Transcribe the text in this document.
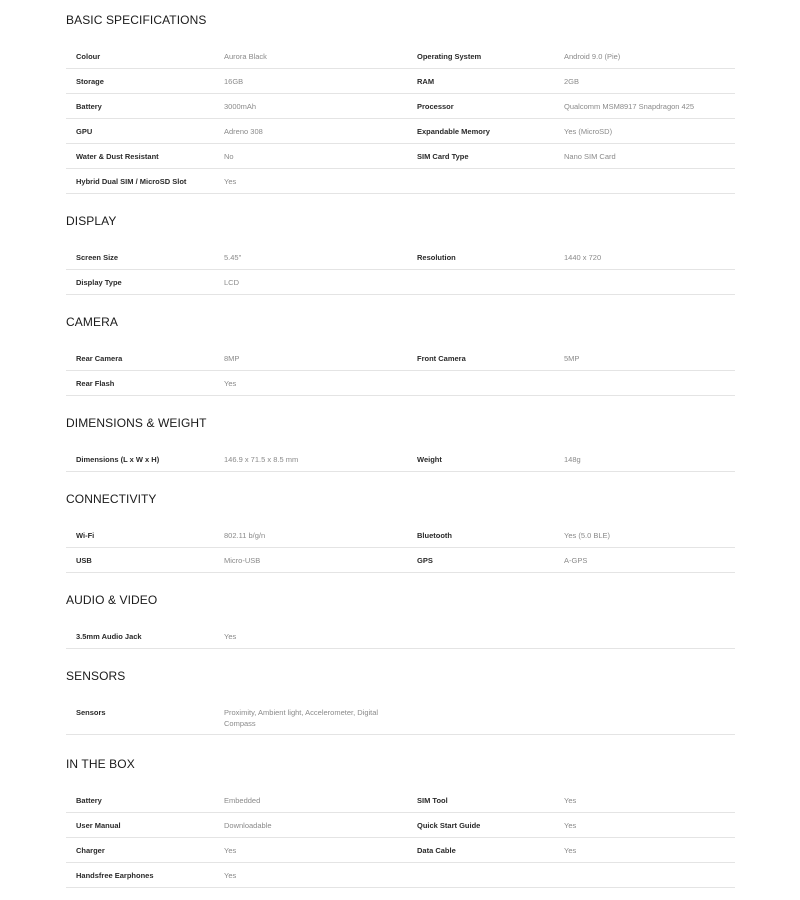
BASIC SPECIFICATIONS
Colour	Aurora Black	Operating System	Android 9.0 (Pie)
Storage	16GB	RAM	2GB
Battery	3000mAh	Processor	Qualcomm MSM8917 Snapdragon 425
GPU	Adreno 308	Expandable Memory	Yes (MicroSD)
Water & Dust Resistant	No	SIM Card Type	Nano SIM Card
Hybrid Dual SIM / MicroSD Slot	Yes
DISPLAY
Screen Size	5.45"	Resolution	1440 x 720
Display Type	LCD
CAMERA
Rear Camera	8MP	Front Camera	5MP
Rear Flash	Yes
DIMENSIONS & WEIGHT
Dimensions (L x W x H)	146.9 x 71.5 x 8.5 mm	Weight	148g
CONNECTIVITY
Wi-Fi	802.11 b/g/n	Bluetooth	Yes (5.0 BLE)
USB	Micro-USB	GPS	A-GPS
AUDIO & VIDEO
3.5mm Audio Jack	Yes
SENSORS
Sensors	Proximity, Ambient light, Accelerometer, Digital Compass
IN THE BOX
Battery	Embedded	SIM Tool	Yes
User Manual	Downloadable	Quick Start Guide	Yes
Charger	Yes	Data Cable	Yes
Handsfree Earphones	Yes
